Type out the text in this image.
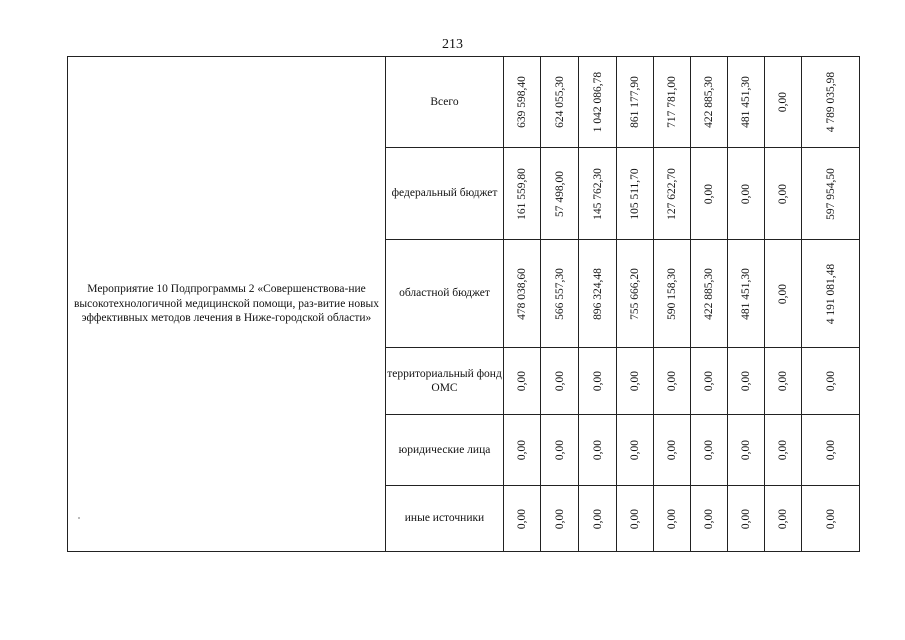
213
Мероприятие 10 Подпрограммы 2 «Совершенствова-ние высокотехнологичной медицинской помощи, раз-витие новых эффективных методов лечения в Ниже-городской области»	Всего	639 598,40	624 055,30	1 042 086,78	861 177,90	717 781,00	422 885,30	481 451,30	0,00	4 789 035,98

	федеральный бюджет	161 559,80	57 498,00	145 762,30	105 511,70	127 622,70	0,00	0,00	0,00	597 954,50

	областной бюджет	478 038,60	566 557,30	896 324,48	755 666,20	590 158,30	422 885,30	481 451,30	0,00	4 191 081,48

	территориальный фонд ОМС	0,00	0,00	0,00	0,00	0,00	0,00	0,00	0,00	0,00

	юридические лица	0,00	0,00	0,00	0,00	0,00	0,00	0,00	0,00	0,00

	иные источники	0,00	0,00	0,00	0,00	0,00	0,00	0,00	0,00	0,00
